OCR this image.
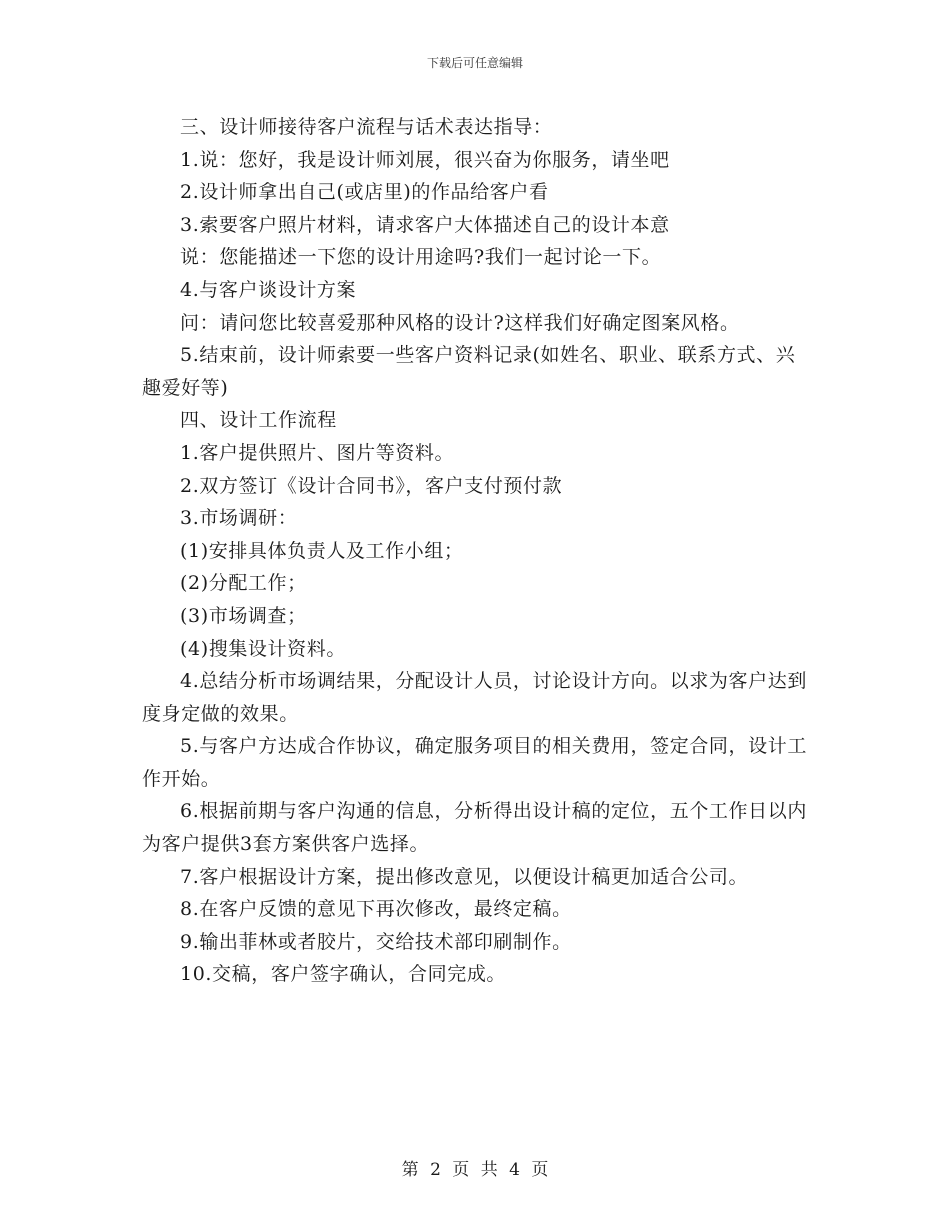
下载后可任意编辑

三、设计师接待客户流程与话术表达指导：

1.说：您好，我是设计师刘展，很兴奋为你服务，请坐吧

2.设计师拿出自己(或店里)的作品给客户看

3.索要客户照片材料，请求客户大体描述自己的设计本意

说：您能描述一下您的设计用途吗?我们一起讨论一下。

4.与客户谈设计方案

问：请问您比较喜爱那种风格的设计?这样我们好确定图案风格。

5.结束前，设计师索要一些客户资料记录(如姓名、职业、联系方式、兴趣爱好等)

四、设计工作流程

1.客户提供照片、图片等资料。

2.双方签订《设计合同书》，客户支付预付款

3.市场调研：

(1)安排具体负责人及工作小组；

(2)分配工作；

(3)市场调查；

(4)搜集设计资料。

4.总结分析市场调结果，分配设计人员，讨论设计方向。以求为客户达到度身定做的效果。

5.与客户方达成合作协议，确定服务项目的相关费用，签定合同，设计工作开始。

6.根据前期与客户沟通的信息，分析得出设计稿的定位，五个工作日以内为客户提供3套方案供客户选择。

7.客户根据设计方案，提出修改意见，以便设计稿更加适合公司。

8.在客户反馈的意见下再次修改，最终定稿。

9.输出菲林或者胶片，交给技术部印刷制作。

10.交稿，客户签字确认，合同完成。

第 2 页 共 4 页
